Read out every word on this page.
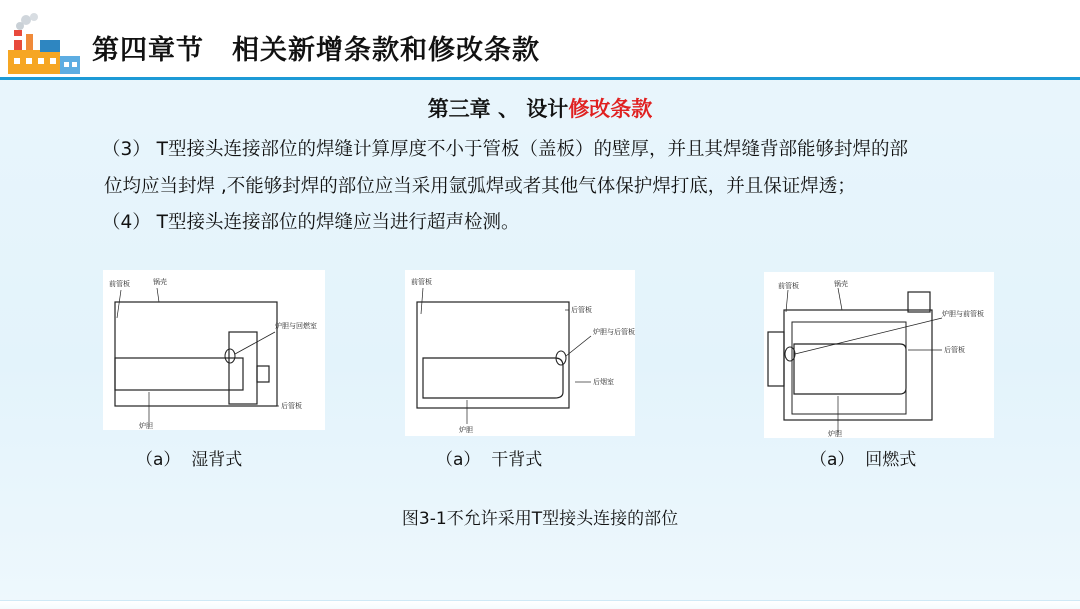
第四章节　相关新增条款和修改条款
第三章 、 设计修改条款
（3） T型接头连接部位的焊缝计算厚度不小于管板（盖板）的壁厚，并且其焊缝背部能够封焊的部
位均应当封焊 ,不能够封焊的部位应当采用氩弧焊或者其他气体保护焊打底，并且保证焊透；
（4） T型接头连接部位的焊缝应当进行超声检测。
前管板	锅壳
炉胆与回燃室
后管板
炉胆
前管板
后管板
炉胆与后管板
后烟室
炉胆
前管板	锅壳
炉胆与前管板
后管板
炉胆
（a）  湿背式	（a）  干背式	（a）  回燃式
图3-1不允许采用T型接头连接的部位
